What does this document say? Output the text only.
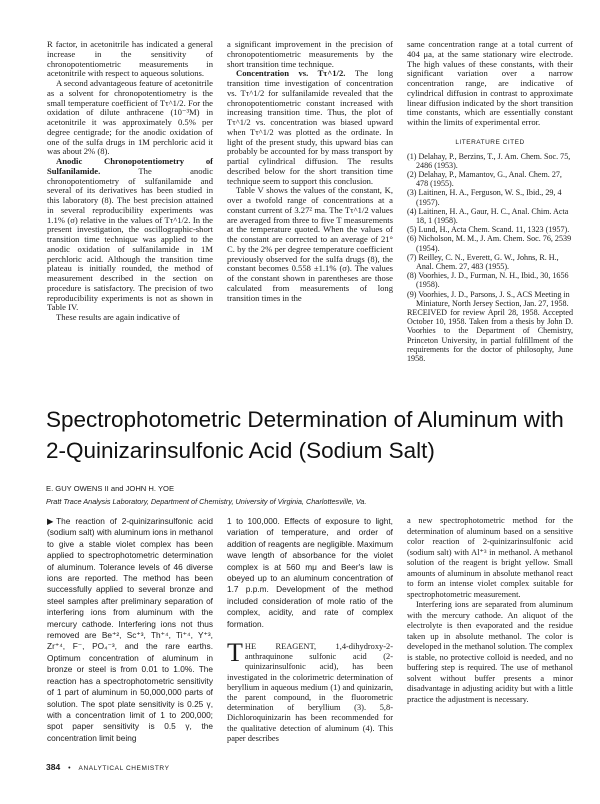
R factor, in acetonitrile has indicated a general increase in the sensitivity of chronopotentiometric measurements in acetonitrile with respect to aqueous solutions.

A second advantageous feature of acetonitrile as a solvent for chronopotentiometry is the small temperature coefficient of Tτ^1/2. For the oxidation of dilute anthracene (10⁻³M) in acetonitrile it was approximately 0.5% per degree centigrade; for the anodic oxidation of one of the sulfa drugs in 1M perchloric acid it was about 2% (8).

Anodic Chronopotentiometry of Sulfanilamide.	The anodic chronopotentiometry of sulfanilamide and several of its derivatives has been studied in this laboratory (8). The best precision attained in several reproducibility experiments was 1.1% (σ) relative in the values of Tτ^1/2. In the present investigation, the oscillographic-short transition time technique was applied to the anodic oxidation of sulfanilamide in 1M perchloric acid. Although the transition time plateau is initially rounded, the method of measurement described in the section on procedure is satisfactory. The precision of two reproducibility experiments is not as shown in Table IV.

These results are again indicative of

a significant improvement in the precision of chronopotentiometric measurements by the short transition time technique.

Concentration vs. Tτ^1/2. The long transition time investigation of concentration vs. Tτ^1/2 for sulfanilamide revealed that the chronopotentiometric constant increased with increasing transition time. Thus, the plot of Tτ^1/2 vs. concentration was biased upward when Tτ^1/2 was plotted as the ordinate. In light of the present study, this upward bias can probably be accounted for by mass transport by partial cylindrical diffusion. The results described below for the short transition time technique seem to support this conclusion.

Table V shows the values of the constant, K, over a twofold range of concentrations at a constant current of 3.27² ma. The Tτ^1/2 values are averaged from three to five T measurements at the temperature quoted. When the values of the constant are corrected to an average of 21° C. by the 2% per degree temperature coefficient previously observed for the sulfa drugs (8), the constant becomes 0.558 ±1.1% (σ). The values of the constant shown in parentheses are those calculated from measurements of long transition times in the

same concentration range at a total current of 404 μa, at the same stationary wire electrode. The high values of these constants, with their significant variation over a narrow concentration range, are indicative of cylindrical diffusion in contrast to approximate linear diffusion indicated by the short transition time constants, which are essentially constant within the limits of experimental error.

LITERATURE CITED

(1) Delahay, P., Berzins, T., J. Am. Chem. Soc. 75, 2486 (1953).

(2) Delahay, P., Mamantov, G., Anal. Chem. 27, 478 (1955).

(3) Laitinen, H. A., Ferguson, W. S., Ibid., 29, 4 (1957).

(4) Laitinen, H. A., Gaur, H. C., Anal. Chim. Acta 18, 1 (1958).

(5) Lund, H., Acta Chem. Scand. 11, 1323 (1957).

(6) Nicholson, M. M., J. Am. Chem. Soc. 76, 2539 (1954).

(7) Reilley, C. N., Everett, G. W., Johns, R. H., Anal. Chem. 27, 483 (1955).

(8) Voorhies, J. D., Furman, N. H., Ibid., 30, 1656 (1958).

(9) Voorhies, J. D., Parsons, J. S., ACS Meeting in Miniature, North Jersey Section, Jan. 27, 1958.

RECEIVED for review April 28, 1958. Accepted October 10, 1958. Taken from a thesis by John D. Voorhies to the Department of Chemistry, Princeton University, in partial fulfillment of the requirements for the doctor of philosophy, June 1958.

Spectrophotometric Determination of Aluminum with 2-Quinizarinsulfonic Acid (Sodium Salt)
E. GUY OWENS II and JOHN H. YOE
Pratt Trace Analysis Laboratory, Department of Chemistry, University of Virginia, Charlottesville, Va.

▶The reaction of 2-quinizarinsulfonic acid (sodium salt) with aluminum ions in methanol to give a stable violet complex has been applied to spectrophotometric determination of aluminum. Tolerance levels of 46 diverse ions are reported. The method has been successfully applied to several bronze and steel samples after preliminary separation of interfering ions from aluminum with the mercury cathode. Interfering ions not thus removed are Be⁺², Sc⁺³, Th⁺⁴, Ti⁺⁴, Y⁺³, Zr⁺⁴, F⁻, PO₄⁻³, and the rare earths. Optimum concentration of aluminum in bronze or steel is from 0.01 to 1.0%. The reaction has a spectrophotometric sensitivity of 1 part of aluminum in 50,000,000 parts of solution. The spot plate sensitivity is 0.25 γ, with a concentration limit of 1 to 200,000; spot paper sensitivity is 0.5 γ, the concentration limit being

1 to 100,000. Effects of exposure to light, variation of temperature, and order of addition of reagents are negligible. Maximum wave length of absorbance for the violet complex is at 560 mμ and Beer's law is obeyed up to an aluminum concentration of 1.7 p.p.m. Development of the method included consideration of mole ratio of the complex, acidity, and rate of complex formation.

THE REAGENT, 1,4-dihydroxy-2-anthraquinone sulfonic acid (2-quinizarinsulfonic acid), has been investigated in the colorimetric determination of beryllium in aqueous medium (1) and quinizarin, the parent compound, in the fluorometric determination of beryllium (3). 5,8-Dichloroquinizarin has been recommended for the qualitative detection of aluminum (4). This paper describes

a new spectrophotometric method for the determination of aluminum based on a sensitive color reaction of 2-quinizarinsulfonic acid (sodium salt) with Al⁺³ in methanol. A methanol solution of the reagent is bright yellow. Small amounts of aluminum in absolute methanol react to form an intense violet complex suitable for spectrophotometric measurement.

Interfering ions are separated from aluminum with the mercury cathode. An aliquot of the electrolyte is then evaporated and the residue taken up in absolute methanol. The color is developed in the methanol solution. The complex is stable, no protective colloid is needed, and no buffering step is required. The use of methanol solvent without buffer presents a minor disadvantage in adjusting acidity but with a little practice the adjustment is necessary.

384 • ANALYTICAL CHEMISTRY
